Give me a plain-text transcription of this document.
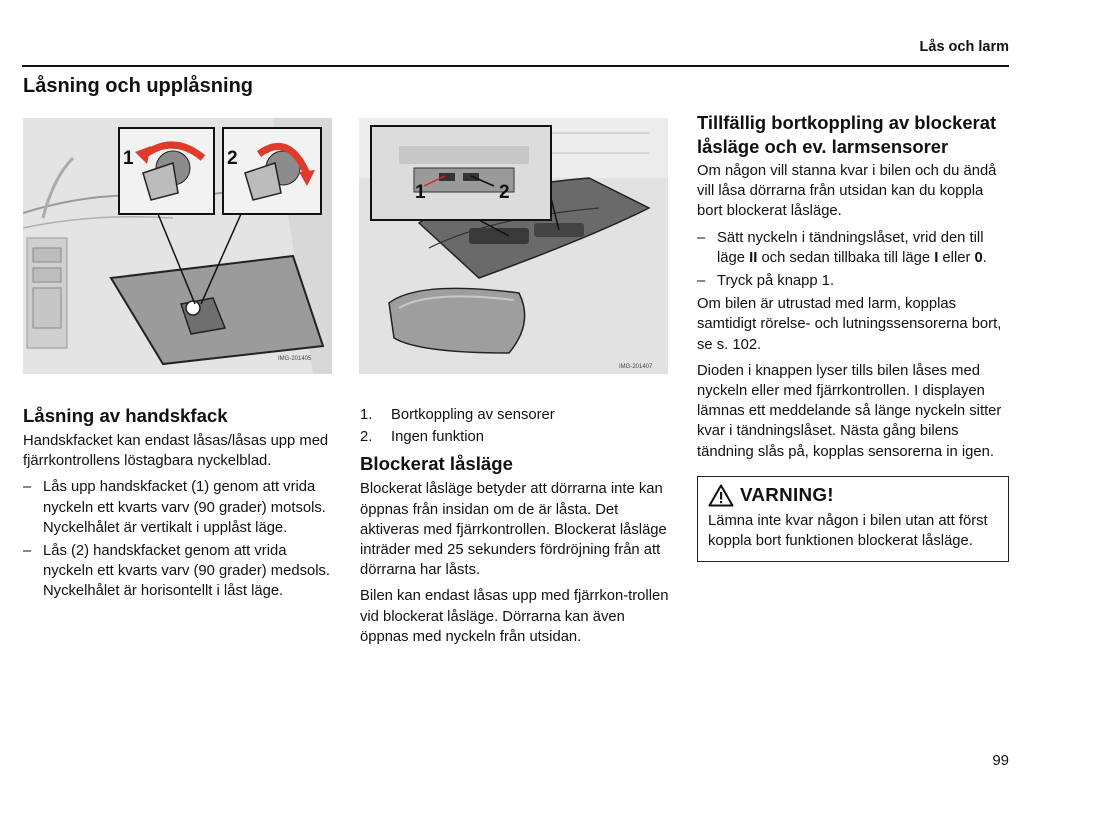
Lås och larm
Låsning och upplåsning
1	2
IMG-201405
1	2
IMG-201407
Låsning av handskfack

Handskfacket kan endast låsas/låsas upp med fjärrkontrollens löstagbara nyckelblad.

– Lås upp handskfacket (1) genom att vrida nyckeln ett kvarts varv (90 grader) motsols. Nyckelhålet är vertikalt i upplåst läge.
– Lås (2) handskfacket genom att vrida nyckeln ett kvarts varv (90 grader) medsols. Nyckelhålet är horisontellt i låst läge.
1.	Bortkoppling av sensorer
2.	Ingen funktion
Blockerat låsläge

Blockerat låsläge betyder att dörrarna inte kan öppnas från insidan om de är låsta. Det aktiveras med fjärrkontrollen. Blockerat låsläge inträder med 25 sekunders fördröjning från att dörrarna har låsts.

Bilen kan endast låsas upp med fjärrkon-trollen vid blockerat låsläge. Dörrarna kan även öppnas med nyckeln från utsidan.

Tillfällig bortkoppling av blockerat låsläge och ev. larmsensorer

Om någon vill stanna kvar i bilen och du ändå vill låsa dörrarna från utsidan kan du koppla bort blockerat låsläge.

– Sätt nyckeln i tändningslåset, vrid den till läge II och sedan tillbaka till läge I eller 0.
– Tryck på knapp 1.

Om bilen är utrustad med larm, kopplas samtidigt rörelse- och lutningssensorerna bort, se s. 102.

Dioden i knappen lyser tills bilen låses med nyckeln eller med fjärrkontrollen. I displayen lämnas ett meddelande så länge nyckeln sitter kvar i tändningslåset. Nästa gång bilens tändning slås på, kopplas sensorerna in igen.

VARNING!
Lämna inte kvar någon i bilen utan att först koppla bort funktionen blockerat låsläge.
99
